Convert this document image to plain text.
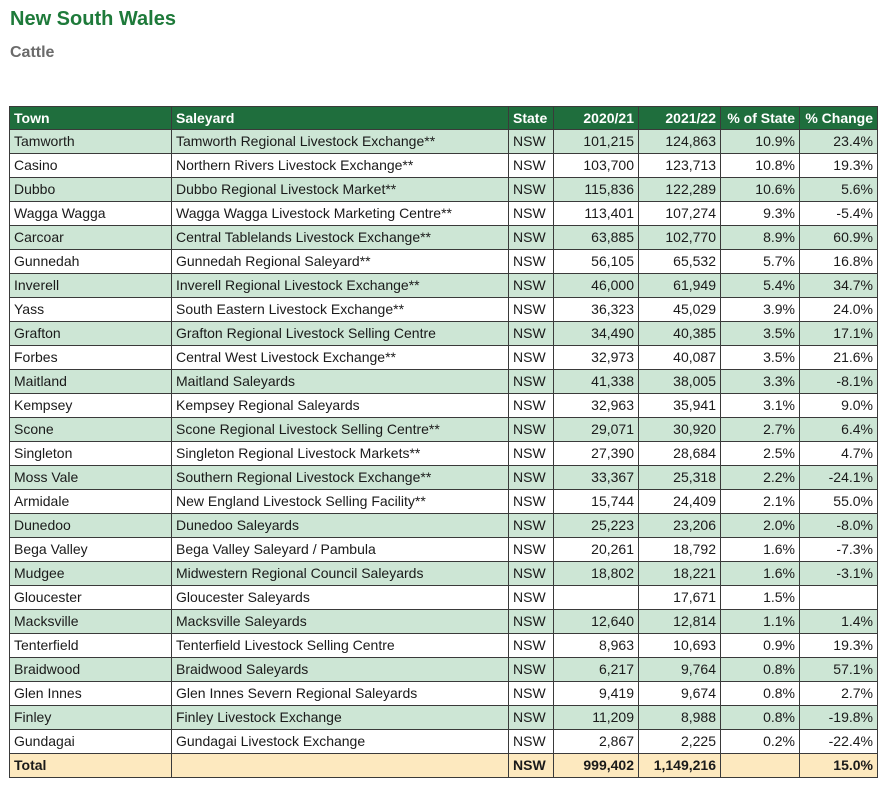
New South Wales
Cattle
Town	Saleyard	State	2020/21	2021/22	% of State	% Change
Tamworth	Tamworth Regional Livestock Exchange**	NSW	101,215	124,863	10.9%	23.4%
Casino	Northern Rivers Livestock Exchange**	NSW	103,700	123,713	10.8%	19.3%
Dubbo	Dubbo Regional Livestock Market**	NSW	115,836	122,289	10.6%	5.6%
Wagga Wagga	Wagga Wagga Livestock Marketing Centre**	NSW	113,401	107,274	9.3%	-5.4%
Carcoar	Central Tablelands Livestock Exchange**	NSW	63,885	102,770	8.9%	60.9%
Gunnedah	Gunnedah Regional Saleyard**	NSW	56,105	65,532	5.7%	16.8%
Inverell	Inverell Regional Livestock Exchange**	NSW	46,000	61,949	5.4%	34.7%
Yass	South Eastern Livestock Exchange**	NSW	36,323	45,029	3.9%	24.0%
Grafton	Grafton Regional Livestock Selling Centre	NSW	34,490	40,385	3.5%	17.1%
Forbes	Central West Livestock Exchange**	NSW	32,973	40,087	3.5%	21.6%
Maitland	Maitland Saleyards	NSW	41,338	38,005	3.3%	-8.1%
Kempsey	Kempsey Regional Saleyards	NSW	32,963	35,941	3.1%	9.0%
Scone	Scone Regional Livestock Selling Centre**	NSW	29,071	30,920	2.7%	6.4%
Singleton	Singleton Regional Livestock Markets**	NSW	27,390	28,684	2.5%	4.7%
Moss Vale	Southern Regional Livestock Exchange**	NSW	33,367	25,318	2.2%	-24.1%
Armidale	New England Livestock Selling Facility**	NSW	15,744	24,409	2.1%	55.0%
Dunedoo	Dunedoo Saleyards	NSW	25,223	23,206	2.0%	-8.0%
Bega Valley	Bega Valley Saleyard / Pambula	NSW	20,261	18,792	1.6%	-7.3%
Mudgee	Midwestern Regional Council Saleyards	NSW	18,802	18,221	1.6%	-3.1%
Gloucester	Gloucester Saleyards	NSW		17,671	1.5%	
Macksville	Macksville Saleyards	NSW	12,640	12,814	1.1%	1.4%
Tenterfield	Tenterfield Livestock Selling Centre	NSW	8,963	10,693	0.9%	19.3%
Braidwood	Braidwood Saleyards	NSW	6,217	9,764	0.8%	57.1%
Glen Innes	Glen Innes Severn Regional Saleyards	NSW	9,419	9,674	0.8%	2.7%
Finley	Finley Livestock Exchange	NSW	11,209	8,988	0.8%	-19.8%
Gundagai	Gundagai Livestock Exchange	NSW	2,867	2,225	0.2%	-22.4%
Total		NSW	999,402	1,149,216		15.0%
